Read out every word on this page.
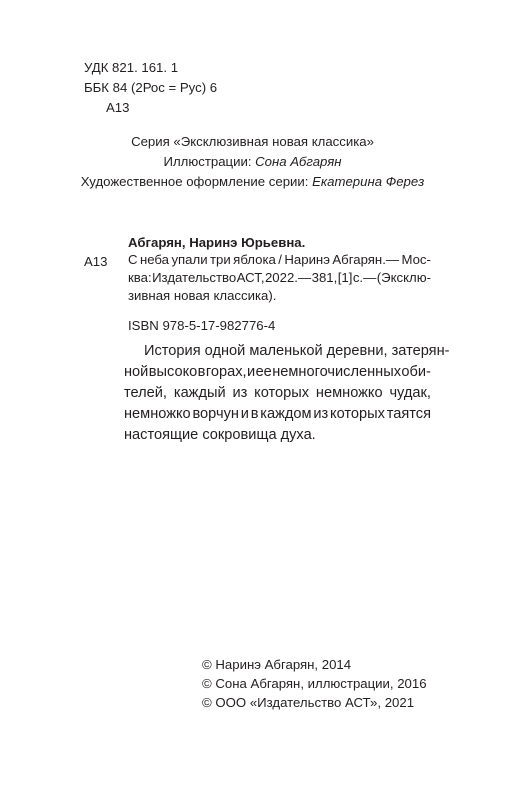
УДК 821. 161. 1
ББК 84 (2Рос = Рус) 6
А13
Серия «Эксклюзивная новая классика»
Иллюстрации: Сона Абгарян
Художественное оформление серии: Екатерина Ферез
Абгарян, Наринэ Юрьевна.
А13 С неба упали три яблока / Наринэ Абгарян.— Мос-
ква: Издательство АСТ, 2022.— 381, [1] с.— (Эксклю-
зивная новая классика).
ISBN 978-5-17-982776-4
История одной маленькой деревни, затерян-
ной высоко в горах, и ее немногочисленных оби-
телей, каждый из которых немножко чудак,
немножко ворчун и в каждом из которых таятся
настоящие сокровища духа.
© Наринэ Абгарян, 2014
© Сона Абгарян, иллюстрации, 2016
© ООО «Издательство АСТ», 2021
